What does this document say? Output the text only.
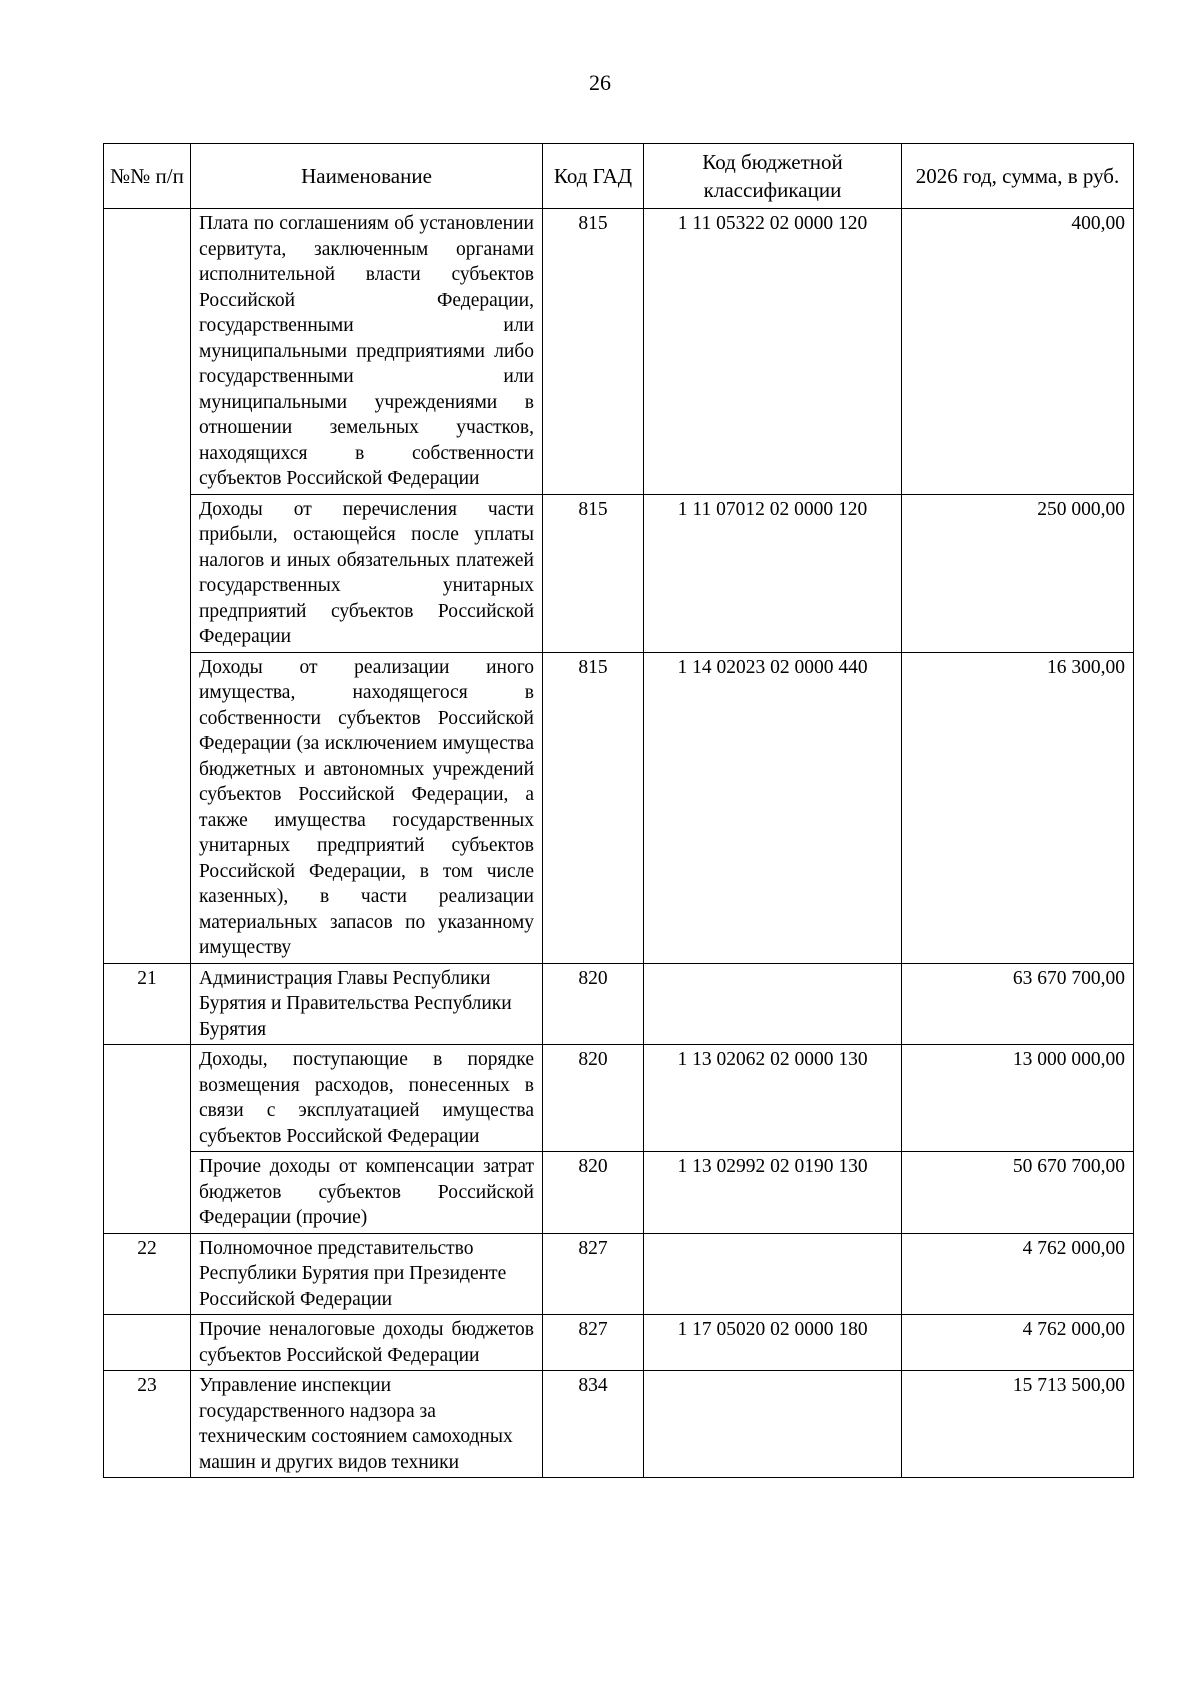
26
№№ п/п	Наименование	Код ГАД	Код бюджетной классификации	2026 год, сумма, в руб.
	Плата по соглашениям об установлении сервитута, заключенным органами исполнительной власти субъектов Российской Федерации, государственными или муниципальными предприятиями либо государственными или муниципальными учреждениями в отношении земельных участков, находящихся в собственности субъектов Российской Федерации	815	1 11 05322 02 0000 120	400,00
	Доходы от перечисления части прибыли, остающейся после уплаты налогов и иных обязательных платежей государственных унитарных предприятий субъектов Российской Федерации	815	1 11 07012 02 0000 120	250 000,00
	Доходы от реализации иного имущества, находящегося в собственности субъектов Российской Федерации (за исключением имущества бюджетных и автономных учреждений субъектов Российской Федерации, а также имущества государственных унитарных предприятий субъектов Российской Федерации, в том числе казенных), в части реализации материальных запасов по указанному имуществу	815	1 14 02023 02 0000 440	16 300,00
21	Администрация Главы Республики Бурятия и Правительства Республики Бурятия	820		63 670 700,00
	Доходы, поступающие в порядке возмещения расходов, понесенных в связи с эксплуатацией имущества субъектов Российской Федерации	820	1 13 02062 02 0000 130	13 000 000,00
	Прочие доходы от компенсации затрат бюджетов субъектов Российской Федерации (прочие)	820	1 13 02992 02 0190 130	50 670 700,00
22	Полномочное представительство Республики Бурятия при Президенте Российской Федерации	827		4 762 000,00
	Прочие неналоговые доходы бюджетов субъектов Российской Федерации	827	1 17 05020 02 0000 180	4 762 000,00
23	Управление инспекции государственного надзора за техническим состоянием самоходных машин и других видов техники	834		15 713 500,00
